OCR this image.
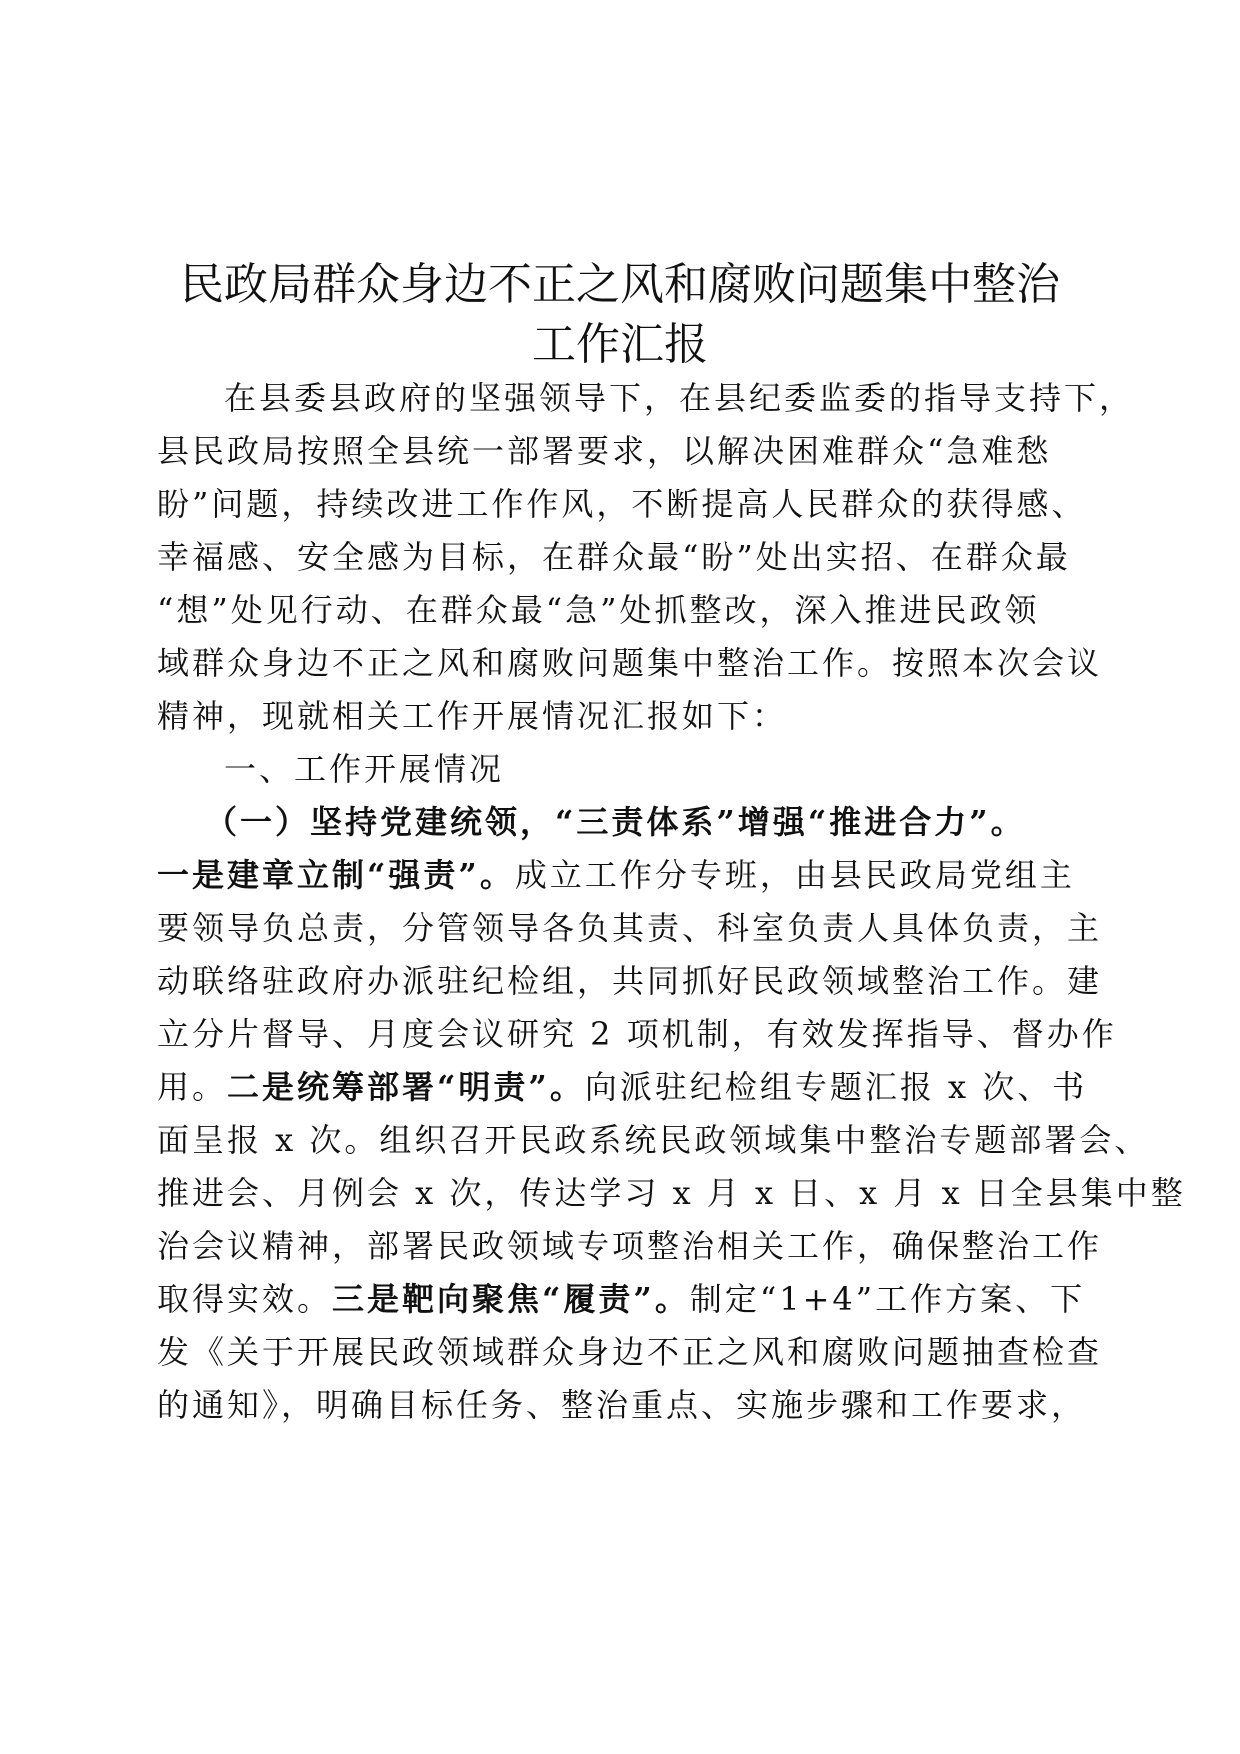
民政局群众身边不正之风和腐败问题集中整治
工作汇报
在县委县政府的坚强领导下，在县纪委监委的指导支持下，
县民政局按照全县统一部署要求，以解决困难群众“急难愁
盼”问题，持续改进工作作风，不断提高人民群众的获得感、
幸福感、安全感为目标，在群众最“盼”处出实招、在群众最
“想”处见行动、在群众最“急”处抓整改，深入推进民政领
域群众身边不正之风和腐败问题集中整治工作。按照本次会议
精神，现就相关工作开展情况汇报如下：
一、工作开展情况
（一）坚持党建统领，“三责体系”增强“推进合力”。
一是建章立制“强责”。成立工作分专班，由县民政局党组主
要领导负总责，分管领导各负其责、科室负责人具体负责，主
动联络驻政府办派驻纪检组，共同抓好民政领域整治工作。建
立分片督导、月度会议研究 2 项机制，有效发挥指导、督办作
用。二是统筹部署“明责”。向派驻纪检组专题汇报 x 次、书
面呈报 x 次。组织召开民政系统民政领域集中整治专题部署会、
推进会、月例会 x 次，传达学习 x 月 x 日、x 月 x 日全县集中整
治会议精神，部署民政领域专项整治相关工作，确保整治工作
取得实效。三是靶向聚焦“履责”。制定“1+4”工作方案、下
发《关于开展民政领域群众身边不正之风和腐败问题抽查检查
的通知》，明确目标任务、整治重点、实施步骤和工作要求，
